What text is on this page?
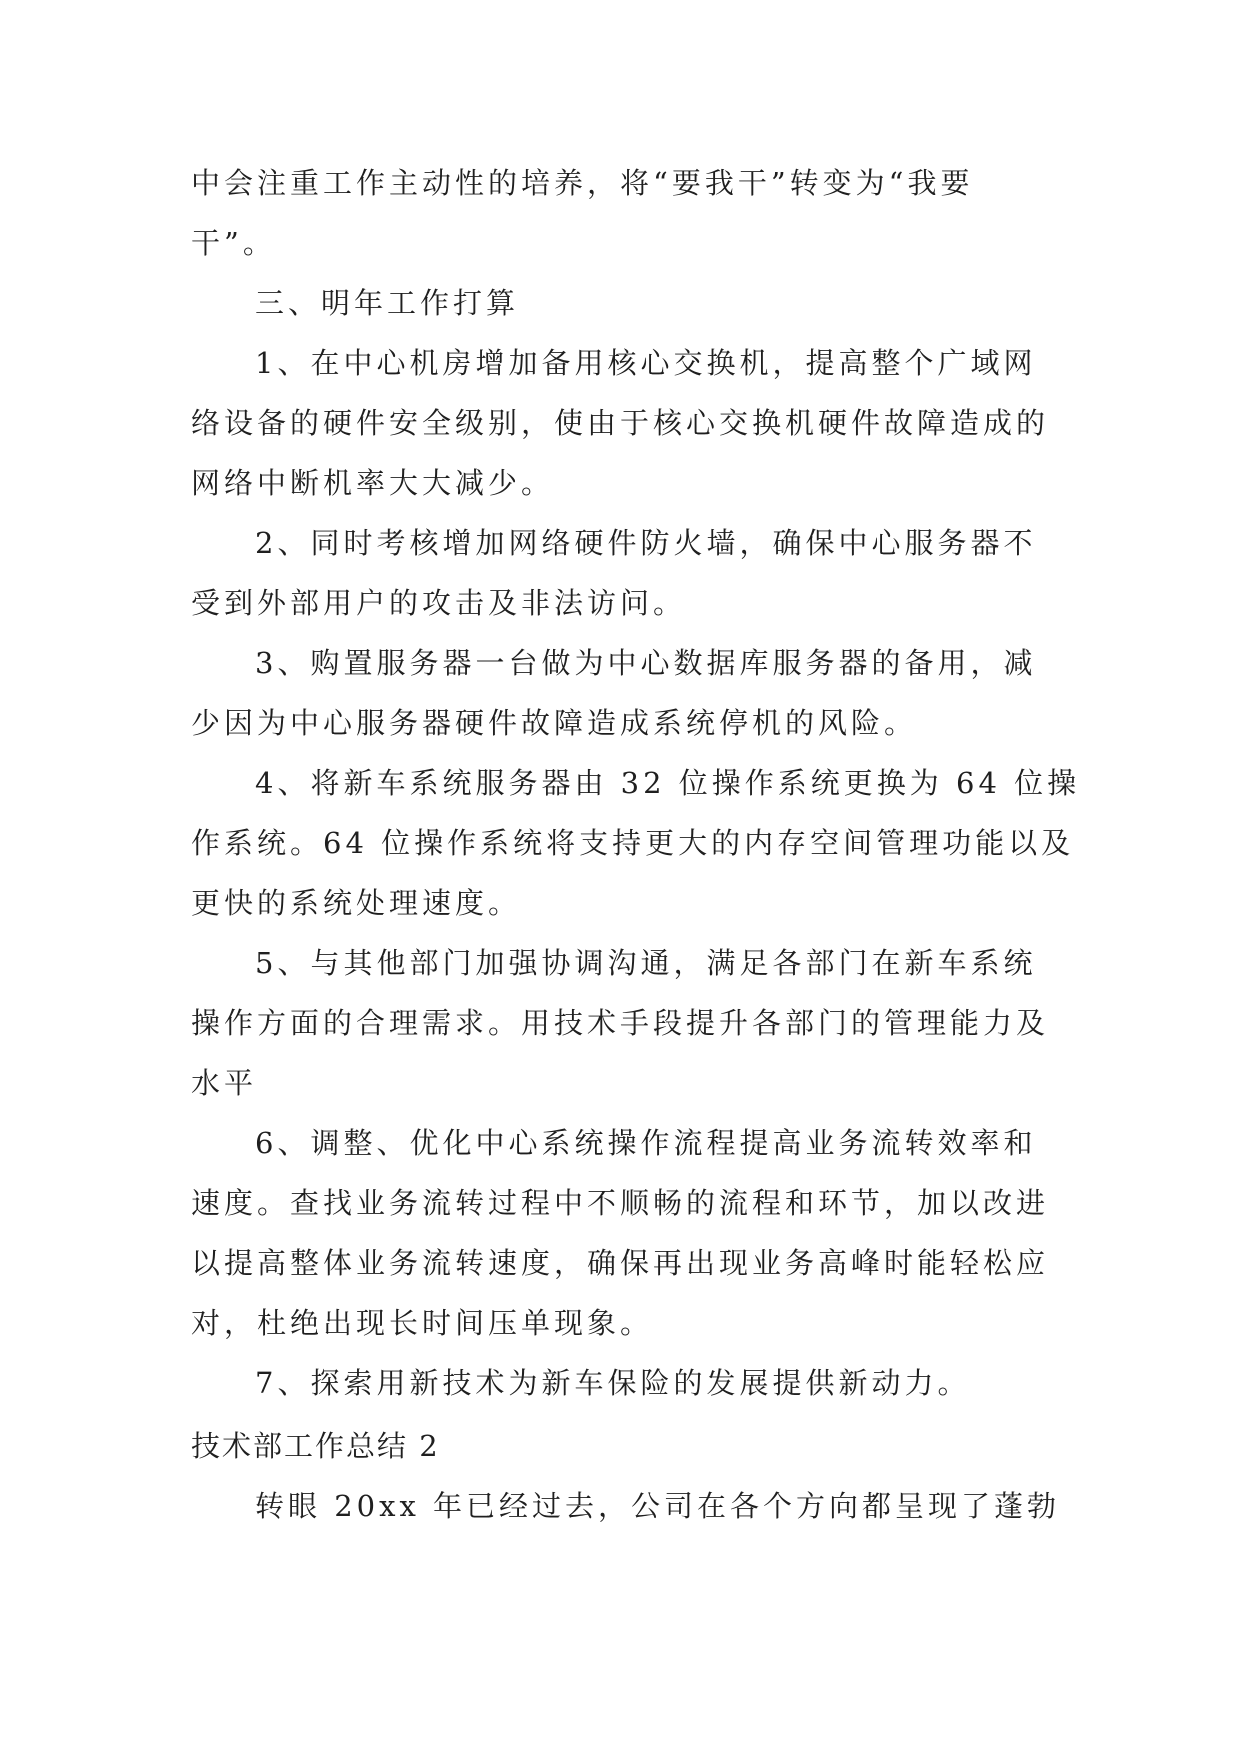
中会注重工作主动性的培养，将“要我干”转变为“我要
干”。
三、明年工作打算
1、在中心机房增加备用核心交换机，提高整个广域网
络设备的硬件安全级别，使由于核心交换机硬件故障造成的
网络中断机率大大减少。
2、同时考核增加网络硬件防火墙，确保中心服务器不
受到外部用户的攻击及非法访问。
3、购置服务器一台做为中心数据库服务器的备用，减
少因为中心服务器硬件故障造成系统停机的风险。
4、将新车系统服务器由 32 位操作系统更换为 64 位操
作系统。64 位操作系统将支持更大的内存空间管理功能以及
更快的系统处理速度。
5、与其他部门加强协调沟通，满足各部门在新车系统
操作方面的合理需求。用技术手段提升各部门的管理能力及
水平
6、调整、优化中心系统操作流程提高业务流转效率和
速度。查找业务流转过程中不顺畅的流程和环节，加以改进
以提高整体业务流转速度，确保再出现业务高峰时能轻松应
对，杜绝出现长时间压单现象。
7、探索用新技术为新车保险的发展提供新动力。
技术部工作总结 2
转眼 20xx 年已经过去，公司在各个方向都呈现了蓬勃
